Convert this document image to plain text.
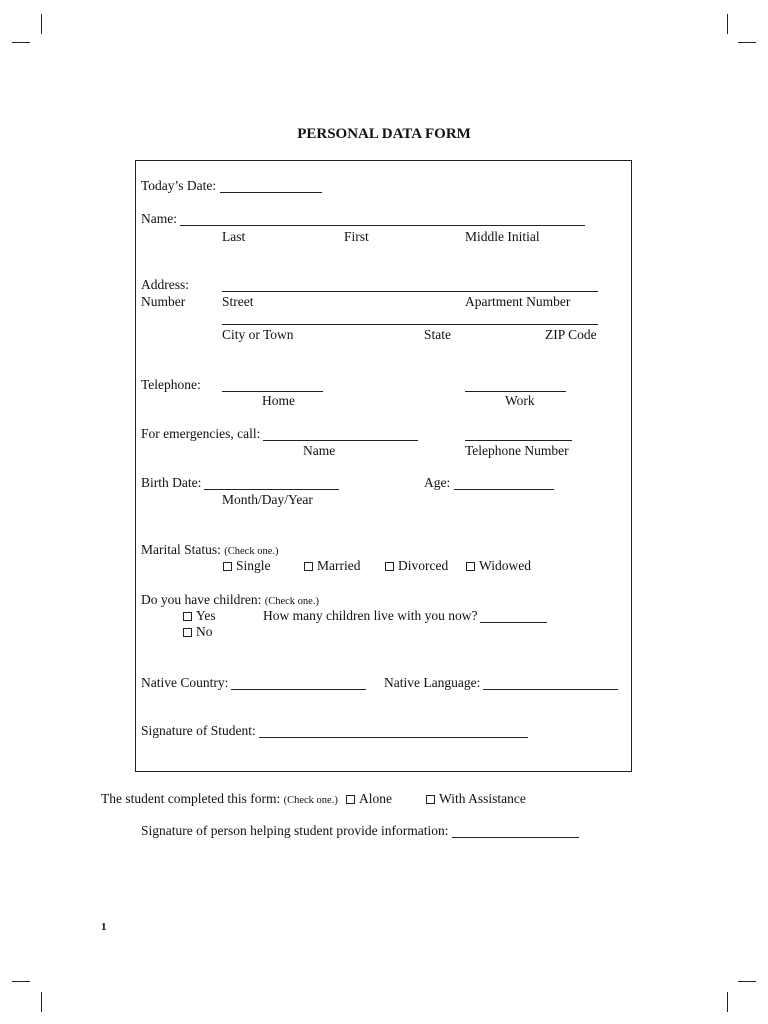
PERSONAL DATA FORM
Today’s Date:
Name:
Last	First	Middle Initial
Address:
Number	Street	Apartment Number
City or Town	State	ZIP Code
Telephone:
Home	Work
For emergencies, call:
Name	Telephone Number
Birth Date:
Month/Day/Year
Age:
Marital Status: (Check one.)
Single	Married	Divorced	Widowed
Do you have children: (Check one.)
Yes
No
How many children live with you now?
Native Country:	Native Language:
Signature of Student:
The student completed this form: (Check one.)	Alone	With Assistance
Signature of person helping student provide information:
1
